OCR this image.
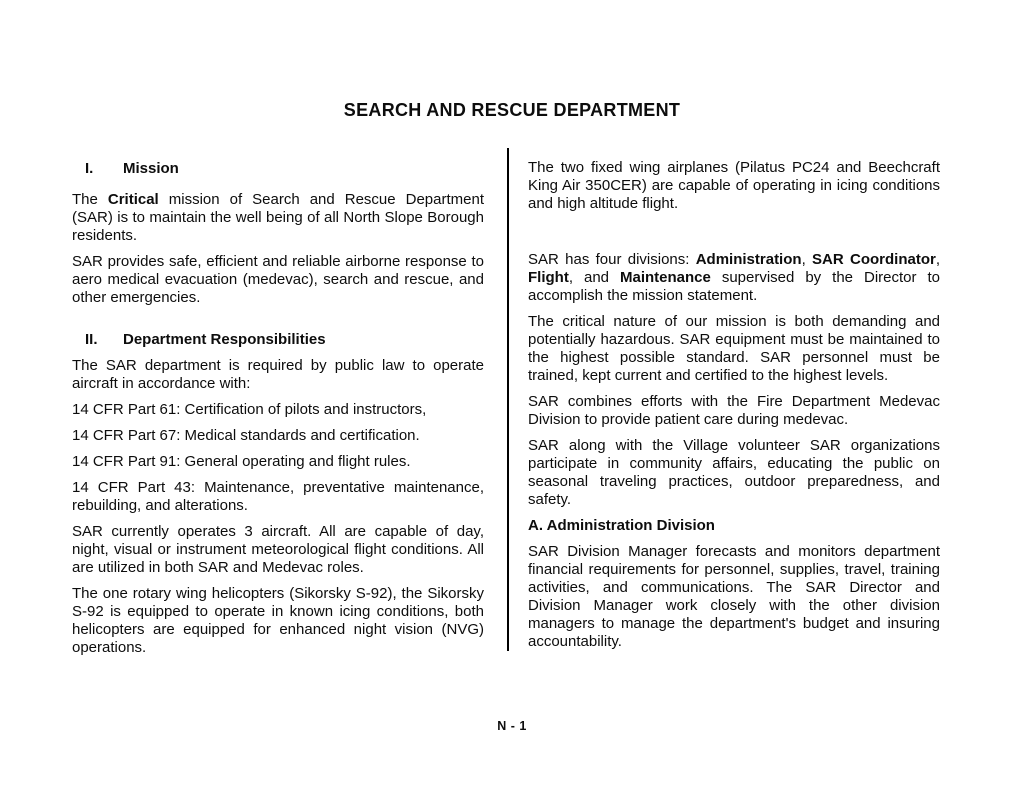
SEARCH AND RESCUE DEPARTMENT
I. Mission

The Critical mission of Search and Rescue Department (SAR) is to maintain the well being of all North Slope Borough residents.

SAR provides safe, efficient and reliable airborne response to aero medical evacuation (medevac), search and rescue, and other emergencies.

II. Department Responsibilities

The SAR department is required by public law to operate aircraft in accordance with:

14 CFR Part 61: Certification of pilots and instructors,

14 CFR Part 67: Medical standards and certification.

14 CFR Part 91: General operating and flight rules.

14 CFR Part 43: Maintenance, preventative maintenance, rebuilding, and alterations.

SAR currently operates 3 aircraft. All are capable of day, night, visual or instrument meteorological flight conditions. All are utilized in both SAR and Medevac roles.

The one rotary wing helicopters (Sikorsky S-92), the Sikorsky S-92 is equipped to operate in known icing conditions, both helicopters are equipped for enhanced night vision (NVG) operations.

The two fixed wing airplanes (Pilatus PC24 and Beechcraft King Air 350CER) are capable of operating in icing conditions and high altitude flight.

SAR has four divisions: Administration, SAR Coordinator, Flight, and Maintenance supervised by the Director to accomplish the mission statement.

The critical nature of our mission is both demanding and potentially hazardous. SAR equipment must be maintained to the highest possible standard. SAR personnel must be trained, kept current and certified to the highest levels.

SAR combines efforts with the Fire Department Medevac Division to provide patient care during medevac.

SAR along with the Village volunteer SAR organizations participate in community affairs, educating the public on seasonal traveling practices, outdoor preparedness, and safety.

A. Administration Division

SAR Division Manager forecasts and monitors department financial requirements for personnel, supplies, travel, training activities, and communications. The SAR Director and Division Manager work closely with the other division managers to manage the department's budget and insuring accountability.

N - 1
